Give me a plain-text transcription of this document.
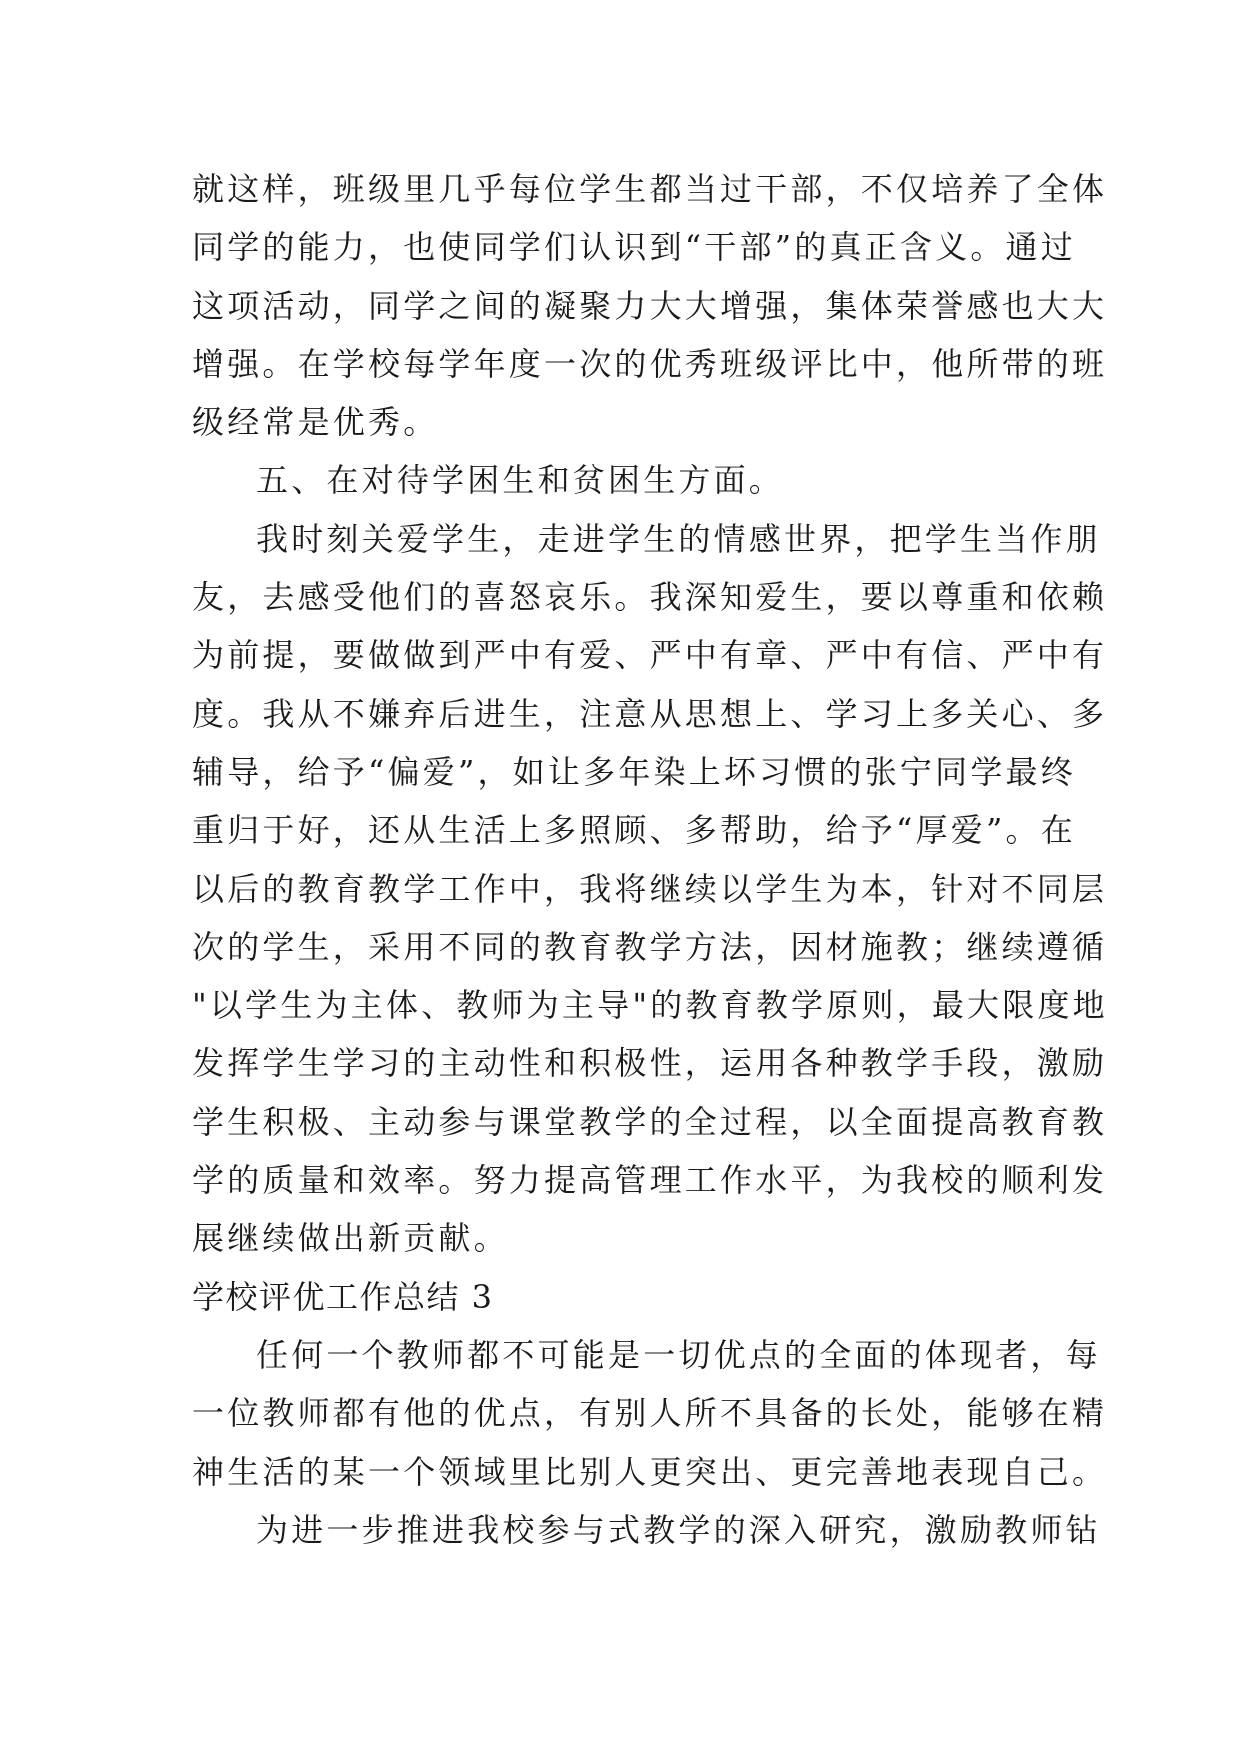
就这样，班级里几乎每位学生都当过干部，不仅培养了全体
同学的能力，也使同学们认识到“干部”的真正含义。通过
这项活动，同学之间的凝聚力大大增强，集体荣誉感也大大
增强。在学校每学年度一次的优秀班级评比中，他所带的班
级经常是优秀。
五、在对待学困生和贫困生方面。
我时刻关爱学生，走进学生的情感世界，把学生当作朋
友，去感受他们的喜怒哀乐。我深知爱生，要以尊重和依赖
为前提，要做做到严中有爱、严中有章、严中有信、严中有
度。我从不嫌弃后进生，注意从思想上、学习上多关心、多
辅导，给予“偏爱”，如让多年染上坏习惯的张宁同学最终
重归于好，还从生活上多照顾、多帮助，给予“厚爱”。在
以后的教育教学工作中，我将继续以学生为本，针对不同层
次的学生，采用不同的教育教学方法，因材施教；继续遵循
"以学生为主体、教师为主导"的教育教学原则，最大限度地
发挥学生学习的主动性和积极性，运用各种教学手段，激励
学生积极、主动参与课堂教学的全过程，以全面提高教育教
学的质量和效率。努力提高管理工作水平，为我校的顺利发
展继续做出新贡献。
学校评优工作总结 3
任何一个教师都不可能是一切优点的全面的体现者，每
一位教师都有他的优点，有别人所不具备的长处，能够在精
神生活的某一个领域里比别人更突出、更完善地表现自己。
为进一步推进我校参与式教学的深入研究，激励教师钻
